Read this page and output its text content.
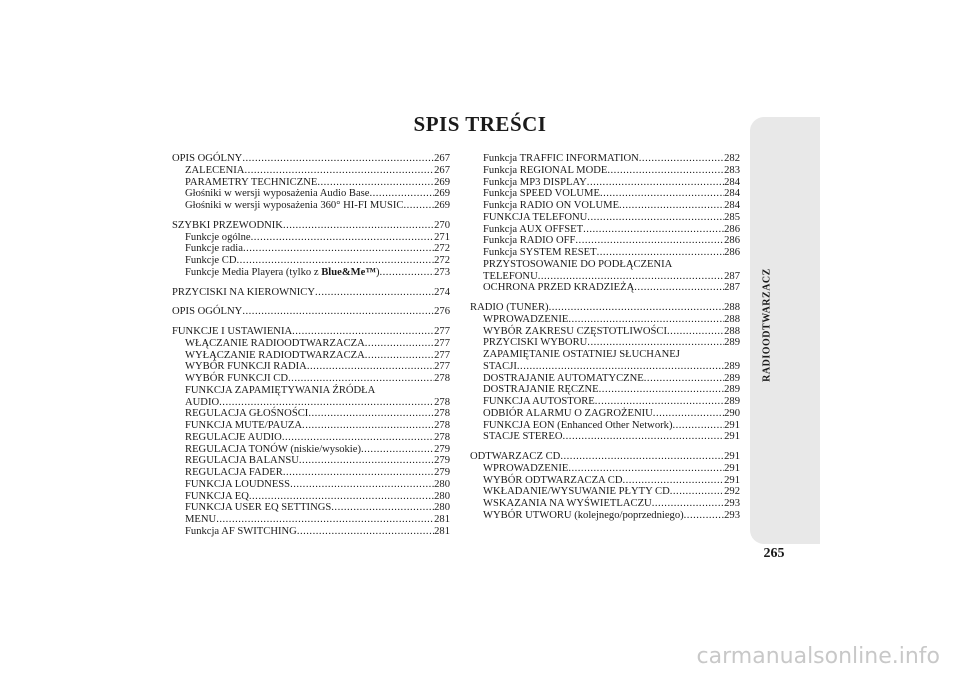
SPIS TREŚCI
OPIS OGÓLNY .....	267
ZALECENIA .....	267
PARAMETRY TECHNICZNE .....	269
Głośniki w wersji wyposażenia Audio Base .....	269
Głośniki w wersji wyposażenia 360° HI-FI MUSIC .....	269
SZYBKI PRZEWODNIK .....	270
Funkcje ogólne .....	271
Funkcje radia .....	272
Funkcje CD .....	272
Funkcje Media Playera (tylko z Blue&Me™) .....	273
PRZYCISKI NA KIEROWNICY .....	274
OPIS OGÓLNY .....	276
FUNKCJE I USTAWIENIA .....	277
WŁĄCZANIE RADIOODTWARZACZA .....	277
WYŁĄCZANIE RADIODTWARZACZA .....	277
WYBÓR FUNKCJI RADIA .....	277
WYBÓR FUNKCJI CD .....	278
FUNKCJA ZAPAMIĘTYWANIA ŹRÓDŁA
AUDIO .....	278
REGULACJA GŁOŚNOŚCI .....	278
FUNKCJA MUTE/PAUZA .....	278
REGULACJE AUDIO .....	278
REGULACJA TONÓW (niskie/wysokie) .....	279
REGULACJA BALANSU .....	279
REGULACJA FADER .....	279
FUNKCJA LOUDNESS .....	280
FUNKCJA EQ .....	280
FUNKCJA USER EQ SETTINGS .....	280
MENU .....	281
Funkcja AF SWITCHING .....	281
Funkcja TRAFFIC INFORMATION .....	282
Funkcja REGIONAL MODE .....	283
Funkcja MP3 DISPLAY .....	284
Funkcja SPEED VOLUME .....	284
Funkcja RADIO ON VOLUME .....	284
FUNKCJA TELEFONU .....	285
Funkcja AUX OFFSET .....	286
Funkcja RADIO OFF .....	286
Funkcja SYSTEM RESET .....	286
PRZYSTOSOWANIE DO PODŁĄCZENIA
TELEFONU .....	287
OCHRONA PRZED KRADZIEŻĄ .....	287
RADIO (TUNER) .....	288
WPROWADZENIE .....	288
WYBÓR ZAKRESU CZĘSTOTLIWOŚCI .....	288
PRZYCISKI WYBORU .....	289
ZAPAMIĘTANIE OSTATNIEJ SŁUCHANEJ
STACJI .....	289
DOSTRAJANIE AUTOMATYCZNE .....	289
DOSTRAJANIE RĘCZNE .....	289
FUNKCJA AUTOSTORE .....	289
ODBIÓR ALARMU O ZAGROŻENIU .....	290
FUNKCJA EON (Enhanced Other Network) .....	291
STACJE STEREO .....	291
ODTWARZACZ CD .....	291
WPROWADZENIE .....	291
WYBÓR ODTWARZACZA CD .....	291
WKŁADANIE/WYSUWANIE PŁYTY CD .....	292
WSKAZANIA NA WYŚWIETLACZU .....	293
WYBÓR UTWORU (kolejnego/poprzedniego) .....	293
RADIOODTWARZACZ
265
carmanualsonline.info
